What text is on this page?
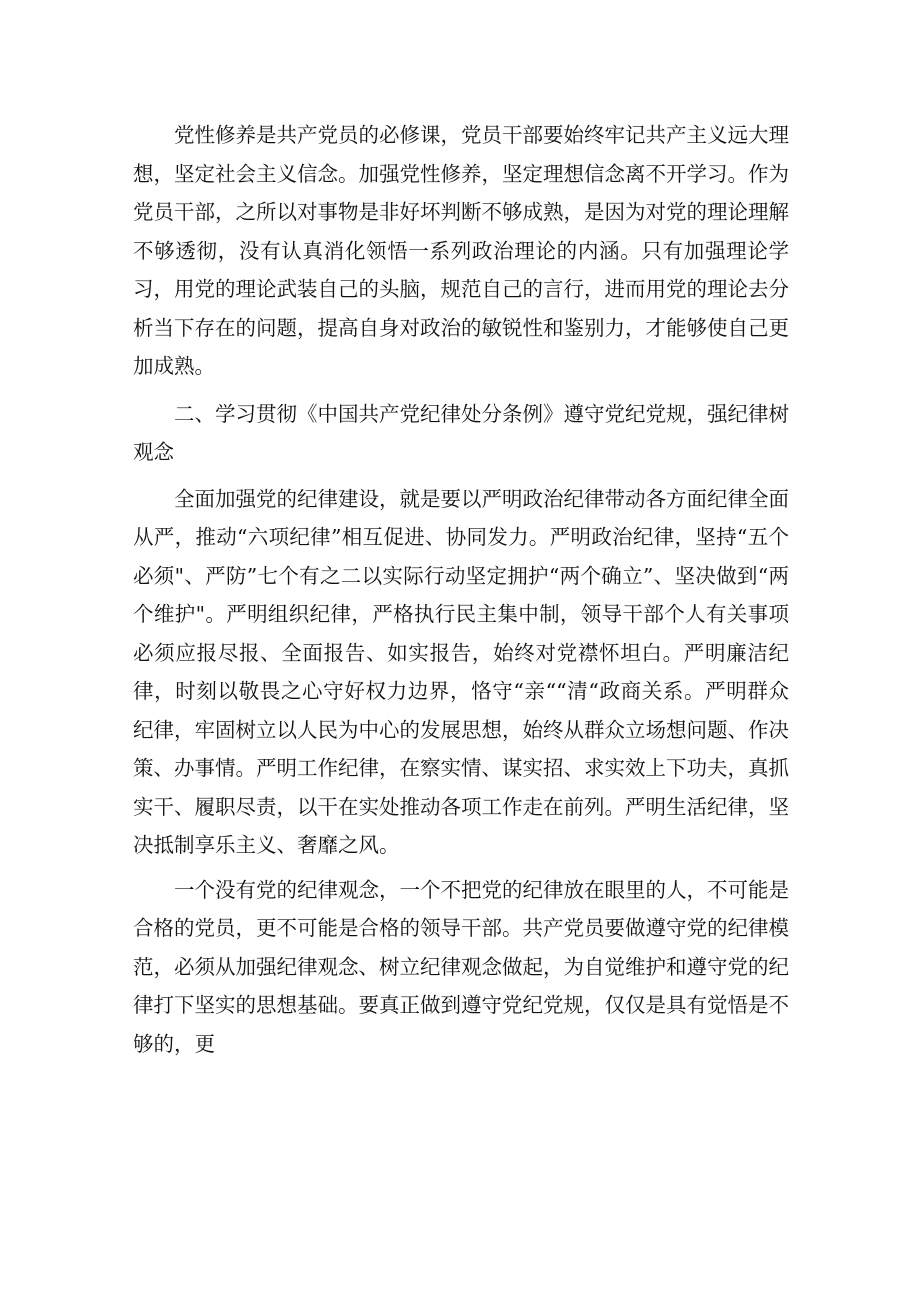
党性修养是共产党员的必修课，党员干部要始终牢记共产主义远大理想，坚定社会主义信念。加强党性修养，坚定理想信念离不开学习。作为党员干部，之所以对事物是非好坏判断不够成熟，是因为对党的理论理解不够透彻，没有认真消化领悟一系列政治理论的内涵。只有加强理论学习，用党的理论武装自己的头脑，规范自己的言行，进而用党的理论去分析当下存在的问题，提高自身对政治的敏锐性和鉴别力，才能够使自己更加成熟。

二、学习贯彻《中国共产党纪律处分条例》遵守党纪党规，强纪律树观念

全面加强党的纪律建设，就是要以严明政治纪律带动各方面纪律全面从严，推动“六项纪律”相互促进、协同发力。严明政治纪律，坚持“五个必须"、严防”七个有之二以实际行动坚定拥护“两个确立”、坚决做到“两个维护"。严明组织纪律，严格执行民主集中制，领导干部个人有关事项必须应报尽报、全面报告、如实报告，始终对党襟怀坦白。严明廉洁纪律，时刻以敬畏之心守好权力边界，恪守“亲““清“政商关系。严明群众纪律，牢固树立以人民为中心的发展思想，始终从群众立场想问题、作决策、办事情。严明工作纪律，在察实情、谋实招、求实效上下功夫，真抓实干、履职尽责，以干在实处推动各项工作走在前列。严明生活纪律，坚决抵制享乐主义、奢靡之风。

一个没有党的纪律观念，一个不把党的纪律放在眼里的人，不可能是合格的党员，更不可能是合格的领导干部。共产党员要做遵守党的纪律模范，必须从加强纪律观念、树立纪律观念做起，为自觉维护和遵守党的纪律打下坚实的思想基础。要真正做到遵守党纪党规，仅仅是具有觉悟是不够的，更
